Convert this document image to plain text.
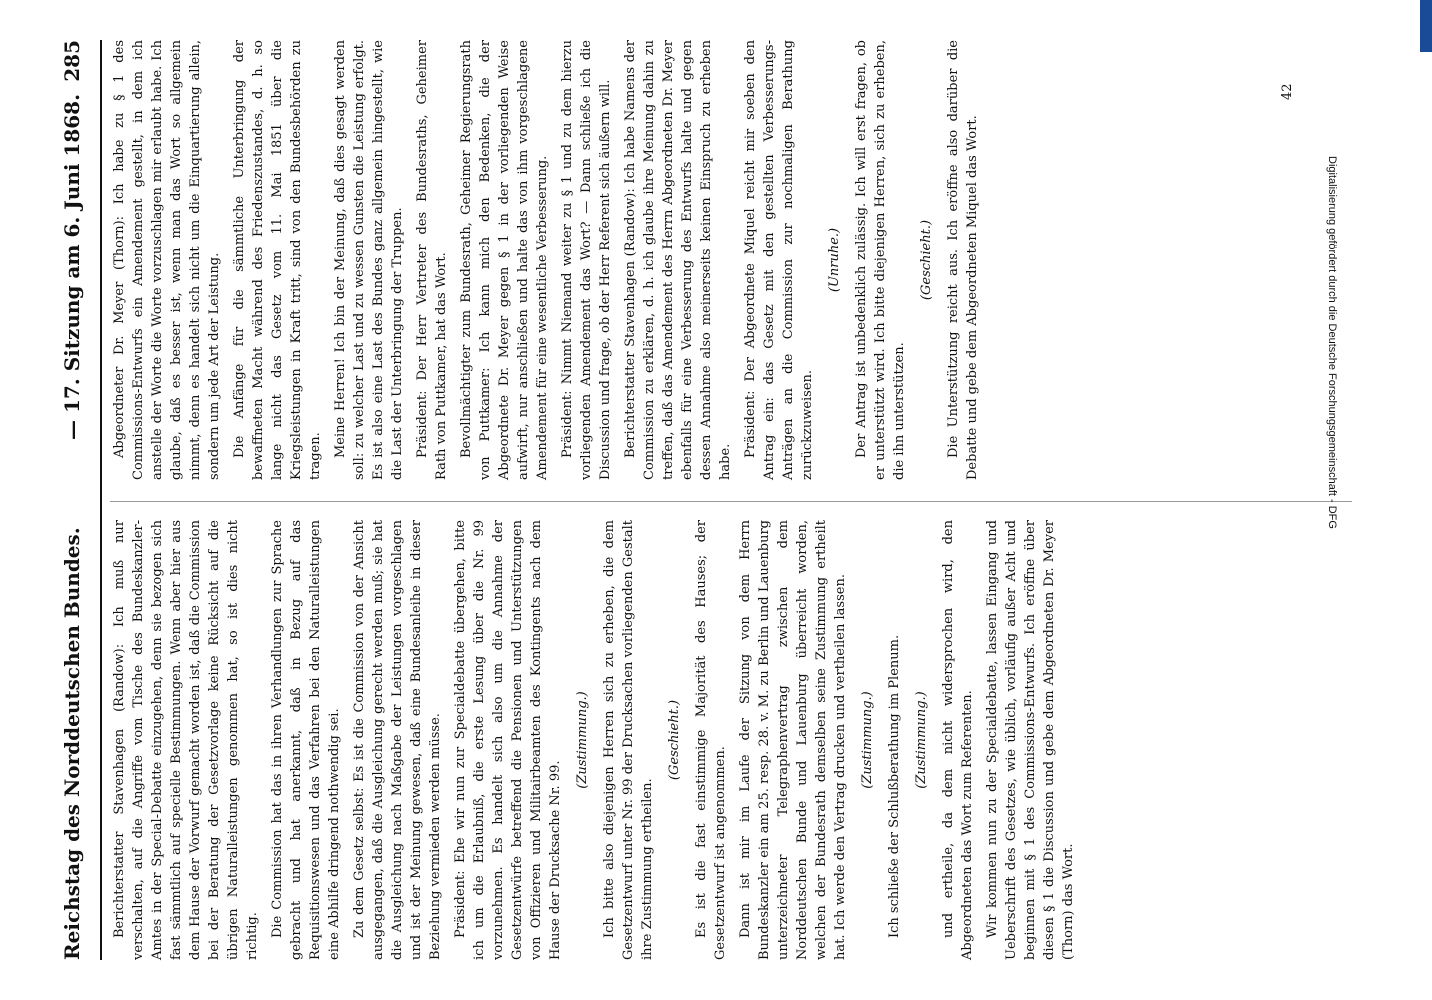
Reichstag des Norddeutschen Bundes.
— 17. Sitzung am 6. Juni 1868.
285

Berichterstatter Stavenhagen (Randow): Ich muß nur verschalten, auf die Angriffe vom Tische des Bundeskanzler-Amtes in der Special-Debatte einzugehen, denn sie bezogen sich fast sämmtlich auf specielle Bestimmungen. Wenn aber hier aus dem Hause der Vorwurf gemacht worden ist, daß die Commission bei der Beratung der Gesetzvorlage keine Rücksicht auf die übrigen Naturalleistungen genommen hat, so ist dies nicht richtig. Die Commission hat das in ihren Verhandlungen zur Sprache gebracht und hat anerkannt, daß in Bezug auf das Requisitionswesen und das Verfahren bei den Naturalleistungen eine Abhilfe dringend nothwendig sei. Zu dem Gesetz selbst: Es ist die Commission von der Ansicht ausgegangen, daß die Ausgleichung gerecht werden muß; sie hat die Ausgleichung nach Maßgabe der Leistungen vorgeschlagen und ist der Meinung gewesen, daß eine Bundesanleihe in dieser Beziehung vermieden werden müsse. Präsident: Ehe wir nun zur Specialdebatte übergehen, bitte ich um die Erlaubniß, die erste Lesung über die Nr. 99 vorzunehmen. Es handelt sich also um die Annahme der Gesetzentwürfe betreffend die Pensionen und Unterstützungen von Offizieren und Militairbeamten des Kontingents nach dem Hause der Drucksache Nr. 99.

(Zustimmung.) Ich bitte also diejenigen Herren sich zu erheben, die dem Gesetzentwurf unter Nr. 99 der Drucksachen vorliegenden Gestalt ihre Zustimmung ertheilen.

(Geschieht.) Es ist die fast einstimmige Majorität des Hauses; der Gesetzentwurf ist angenommen. Dann ist mir im Laufe der Sitzung von dem Herrn Bundeskanzler ein am 25. resp. 28. v. M. zu Berlin und Lauenburg unterzeichneter Telegraphenvertrag zwischen dem Norddeutschen Bunde und Lauenburg überreicht worden, welchen der Bundesrath demselben seine Zustimmung ertheilt hat. Ich werde den Vertrag drucken und vertheilen lassen. (Zustimmung.) Ich schließe der Schlußberathung im Plenum. (Zustimmung.) und ertheile, da dem nicht widersprochen wird, den Abgeordneten das Wort zum Referenten. Wir kommen nun zu der Specialdebatte, lassen Eingang und Ueberschrift des Gesetzes, wie üblich, vorläufig außer Acht und beginnen mit § 1 des Commissions-Entwurfs. Ich eröffne über diesen § 1 die Discussion und gebe dem Abgeordneten Dr. Meyer (Thorn) das Wort.

Abgeordneter Dr. Meyer (Thorn): Ich habe zu § 1 des Commissions-Entwurfs ein Amendement gestellt, in dem ich anstelle der Worte die Worte vorzuschlagen mir erlaubt habe. Ich glaube, daß es besser ist, wenn man das Wort so allgemein nimmt, denn es handelt sich nicht um die Einquartierung allein, sondern um jede Art der Leistung. Die Anfänge für die sämmtliche Unterbringung der bewaffneten Macht während des Friedenszustandes, d. h. so lange nicht das Gesetz vom 11. Mai 1851 über die Kriegsleistungen in Kraft tritt, sind von den Bundesbehörden zu tragen. Meine Herren! Ich bin der Meinung, daß dies gesagt werden soll: zu welcher Last und zu wessen Gunsten die Leistung erfolgt. Es ist also eine Last des Bundes ganz allgemein hingestellt, wie die Last der Unterbringung der Truppen. Präsident: Der Herr Vertreter des Bundesraths, Geheimer Rath von Puttkamer, hat das Wort. Bevollmächtigter zum Bundesrath, Geheimer Regierungsrath von Puttkamer: Ich kann mich den Bedenken, die der Abgeordnete Dr. Meyer gegen § 1 in der vorliegenden Weise aufwirft, nur anschließen und halte das von ihm vorgeschlagene Amendement für eine wesentliche Verbesserung. Präsident: Nimmt Niemand weiter zu § 1 und zu dem hierzu vorliegenden Amendement das Wort? — Dann schließe ich die Discussion und frage, ob der Herr Referent sich äußern will. Berichterstatter Stavenhagen (Randow): Ich habe Namens der Commission zu erklären, d. h. ich glaube ihre Meinung dahin zu treffen, daß das Amendement des Herrn Abgeordneten Dr. Meyer ebenfalls für eine Verbesserung des Entwurfs halte und gegen dessen Annahme also meinerseits keinen Einspruch zu erheben habe.

Präsident: Der Abgeordnete Miquel reicht mir soeben den Antrag ein: das Gesetz mit den gestellten Verbesserungs-Anträgen an die Commission zur nochmaligen Berathung zurückzuweisen.

(Unruhe.) Der Antrag ist unbedenklich zulässig. Ich will erst fragen, ob er unterstützt wird. Ich bitte diejenigen Herren, sich zu erheben, die ihn unterstützen.

(Geschieht.) Die Unterstützung reicht aus. Ich eröffne also darüber die Debatte und gebe dem Abgeordneten Miquel das Wort.

42
Digitalisierung gefördert durch die Deutsche Forschungsgemeinschaft - DFG
